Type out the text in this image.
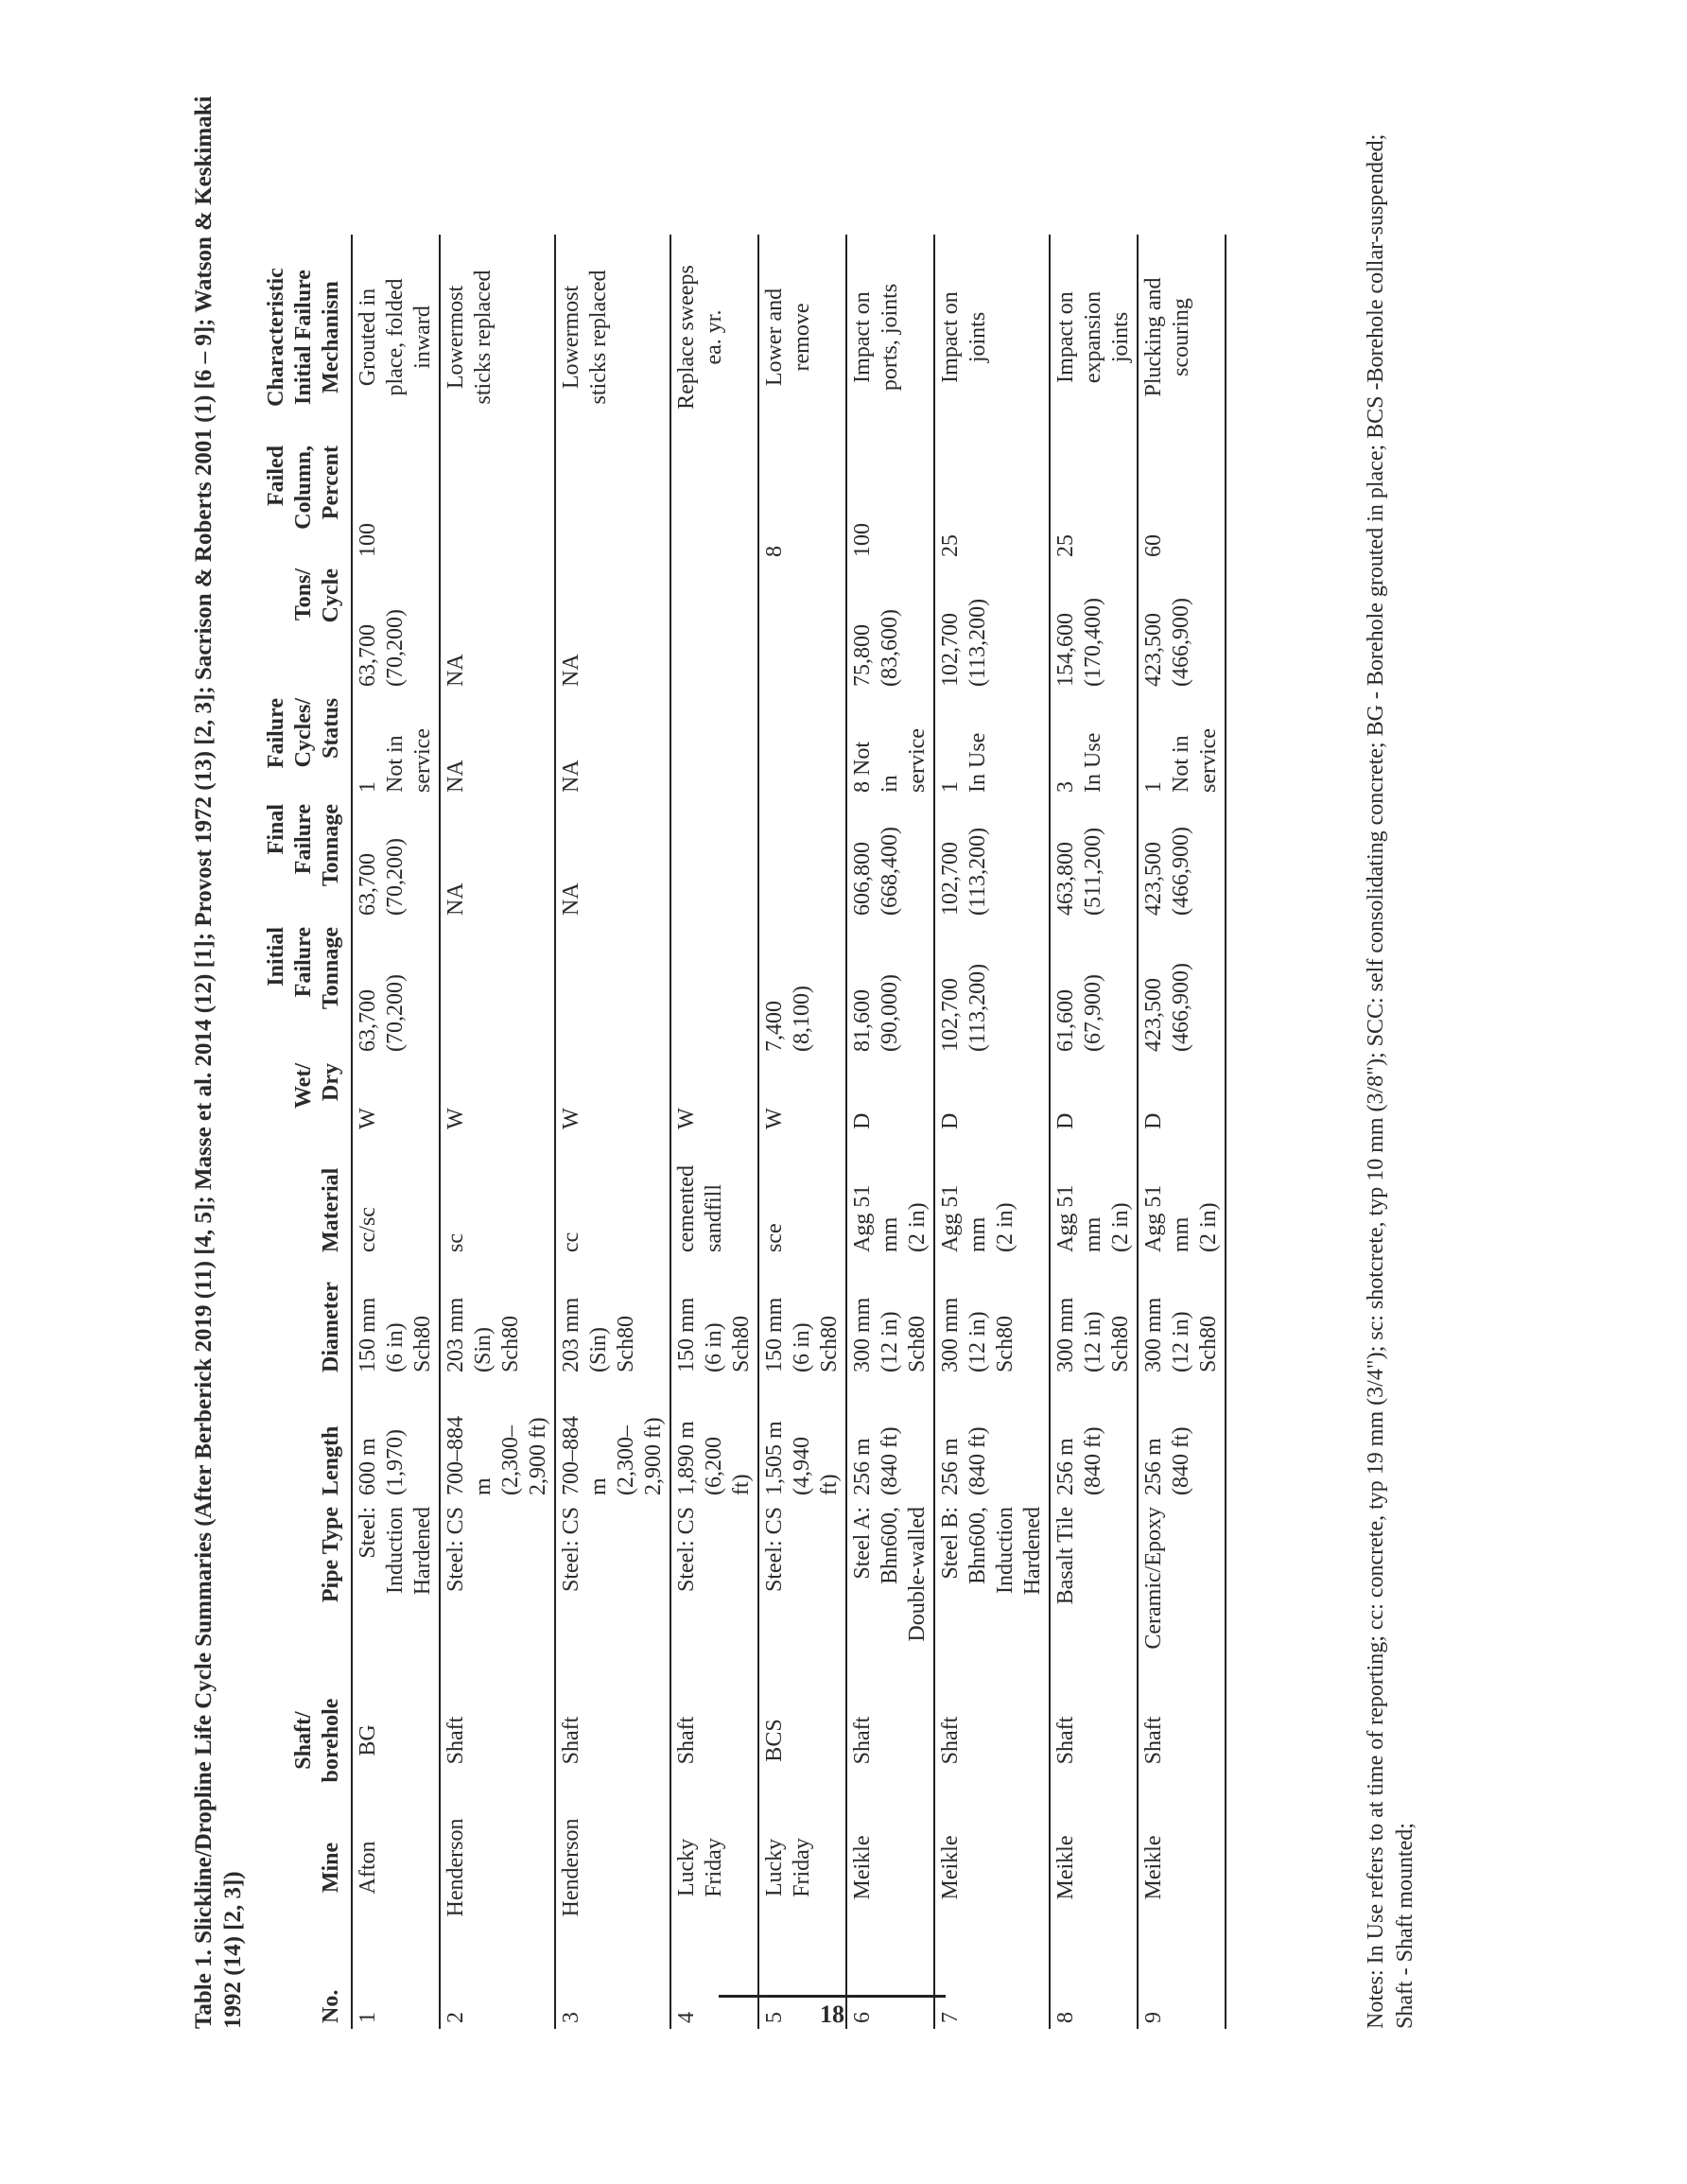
18
Table 1. Slickline/Dropline Life Cycle Summaries (After Berberick 2019 (11) [4, 5]; Masse et al. 2014 (12) [1]; Provost 1972 (13) [2, 3]; Sacrison & Roberts 2001 (1) [6 – 9]; Watson & Keskimaki 1992 (14) [2, 3])	No.	Mine	Shaft/ borehole	Pipe Type	Length	Diameter	Material	Wet/ Dry	Initial Failure Tonnage	Final Failure Tonnage	Failure Cycles/ Status	Tons/ Cycle	Failed Column, Percent	Characteristic Initial Failure Mechanism

1	Afton	BG	Steel: Induction Hardened	600 m (1,970)	150 mm (6 in) Sch80	cc/sc	W	63,700 (70,200)	63,700 (70,200)	1 Not in service	63,700 (70,200)	100	Grouted in place, folded inward

2	Henderson	Shaft	Steel: CS	700–884 m (2,300– 2,900 ft)	203 mm (Sin) Sch80	sc	W		NA	NA	NA		Lowermost sticks replaced

3	Henderson	Shaft	Steel: CS	700–884 m (2,300– 2,900 ft)	203 mm (Sin) Sch80	cc	W		NA	NA	NA		Lowermost sticks replaced

4	Lucky Friday	Shaft	Steel: CS	1,890 m (6,200 ft)	150 mm (6 in) Sch80	cemented sandfill	W						Replace sweeps ea. yr.

5	Lucky Friday	BCS	Steel: CS	1,505 m (4,940 ft)	150 mm (6 in) Sch80	sce	W	7,400 (8,100)				8	Lower and remove

6	Meikle	Shaft	Steel A: Bhn600, Double-walled	256 m (840 ft)	300 mm (12 in) Sch80	Agg 51 mm (2 in)	D	81,600 (90,000)	606,800 (668,400)	8 Not in service	75,800 (83,600)	100	Impact on ports, joints

7	Meikle	Shaft	Steel B: Bhn600, Induction Hardened	256 m (840 ft)	300 mm (12 in) Sch80	Agg 51 mm (2 in)	D	102,700 (113,200)	102,700 (113,200)	1 In Use	102,700 (113,200)	25	Impact on joints

8	Meikle	Shaft	Basalt Tile	256 m (840 ft)	300 mm (12 in) Sch80	Agg 51 mm (2 in)	D	61,600 (67,900)	463,800 (511,200)	3 In Use	154,600 (170,400)	25	Impact on expansion joints

9	Meikle	Shaft	Ceramic/Epoxy	256 m (840 ft)	300 mm (12 in) Sch80	Agg 51 mm (2 in)	D	423,500 (466,900)	423,500 (466,900)	1 Not in service	423,500 (466,900)	60	Plucking and scouring	Notes: In Use refers to at time of reporting; cc: concrete, typ 19 mm (3/4"); sc: shotcrete, typ 10 mm (3/8"); SCC: self consolidating concrete; BG - Borehole grouted in place; BCS -Borehole collar-suspended; Shaft - Shaft mounted;
